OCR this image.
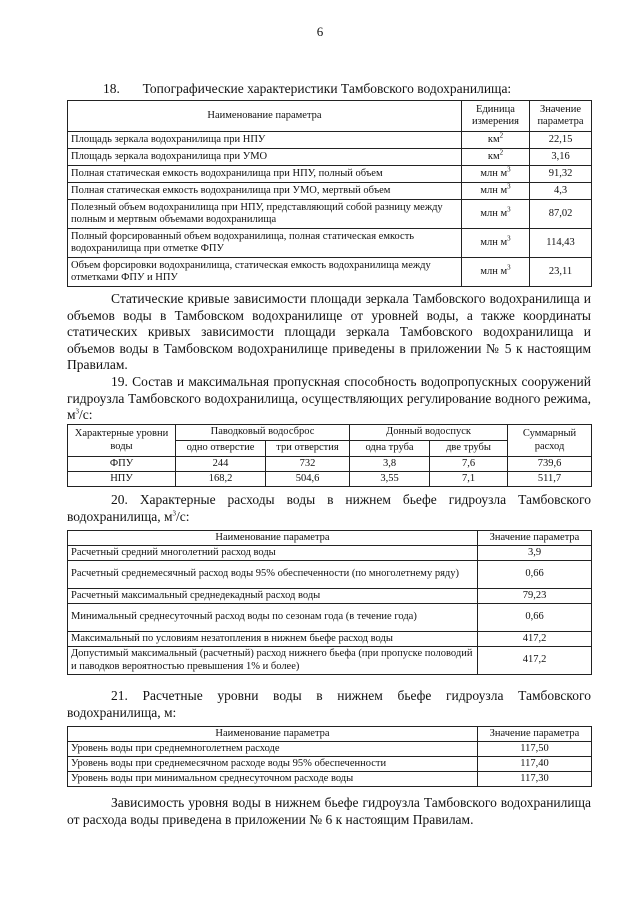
6
18. Топографические характеристики Тамбовского водохранилища:
Наименование параметра	Единица измерения	Значение параметра
Площадь зеркала водохранилища при НПУ	$км^2$	22,15
Площадь зеркала водохранилища при УМО	$км^2$	3,16
Полная статическая емкость водохранилища при НПУ, полный объем	млн $м^3$	91,32
Полная статическая емкость водохранилища при УМО, мертвый объем	млн $м^3$	4,3
Полезный объем водохранилища при НПУ, представляющий собой разницу между полным и мертвым объемами водохранилища	млн $м^3$	87,02
Полный форсированный объем водохранилища, полная статическая емкость водохранилища при отметке ФПУ	млн $м^3$	114,43
Объем форсировки водохранилища, статическая емкость водохранилища между отметками ФПУ и НПУ	млн $м^3$	23,11
Статические кривые зависимости площади зеркала Тамбовского водохранилища и объемов воды в Тамбовском водохранилище от уровней воды, а также координаты статических кривых зависимости площади зеркала Тамбовского водохранилища и объемов воды в Тамбовском водохранилище приведены в приложении № 5 к настоящим Правилам.
19. Состав и максимальная пропускная способность водопропускных сооружений гидроузла Тамбовского водохранилища, осуществляющих регулирование водного режима, $м^3/с$:
Характерные уровни воды	Паводковый водосброс		Донный водоспуск		Суммарный расход
	одно отверстие	три отверстия	одна труба	две трубы	
ФПУ	244	732	3,8	7,6	739,6
НПУ	168,2	504,6	3,55	7,1	511,7
20. Характерные расходы воды в нижнем бьефе гидроузла Тамбовского водохранилища, $м^3/с$:
Наименование параметра	Значение параметра
Расчетный средний многолетний расход воды	3,9
Расчетный среднемесячный расход воды 95% обеспеченности (по многолетнему ряду)	0,66
Расчетный максимальный среднедекадный расход воды	79,23
Минимальный среднесуточный расход воды по сезонам года (в течение года)	0,66
Максимальный по условиям незатопления в нижнем бьефе расход воды	417,2
Допустимый максимальный (расчетный) расход нижнего бьефа (при пропуске половодий и паводков вероятностью превышения 1% и более)	417,2
21. Расчетные уровни воды в нижнем бьефе гидроузла Тамбовского водохранилища, м:
Наименование параметра	Значение параметра
Уровень воды при среднемноголетнем расходе	117,50
Уровень воды при среднемесячном расходе воды 95% обеспеченности	117,40
Уровень воды при минимальном среднесуточном расходе воды	117,30
Зависимость уровня воды в нижнем бьефе гидроузла Тамбовского водохранилища от расхода воды приведена в приложении № 6 к настоящим Правилам.
